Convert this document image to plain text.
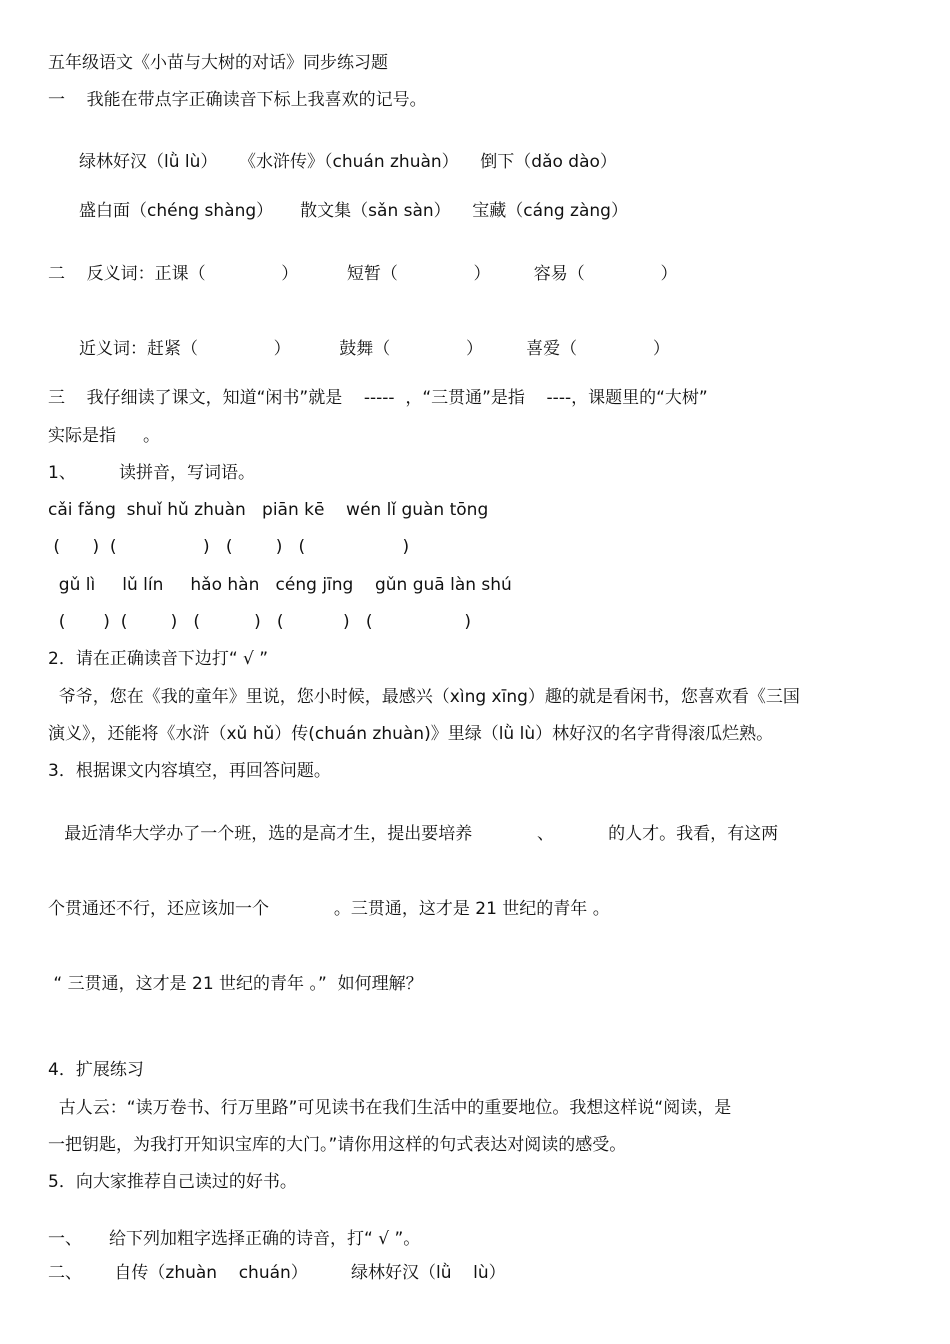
五年级语文《小苗与大树的对话》同步练习题
一    我能在带点字正确读音下标上我喜欢的记号。
绿林好汉（lǜ lù）    《水浒传》（chuán zhuàn）    倒下（dǎo dào）
盛白面（chéng shàng）     散文集（sǎn sàn）    宝藏（cáng zàng）
二    反义词：正课（              ）         短暂（              ）        容易（              ）
近义词：赶紧（              ）         鼓舞（              ）        喜爱（              ）
三    我仔细读了课文，知道“闲书”就是    -----  ，“三贯通”是指    ----，课题里的“大树”
实际是指     。
1、        读拼音，写词语。
cǎi fǎng  shuǐ hǔ zhuàn   piān kē    wén lǐ guàn tōng
(      )  (                )   (        )   (                  )
gǔ lì     lǔ lín     hǎo hàn   céng jīng    gǔn guā làn shú
(       )  (        )   (          )   (           )   (                 )
2．请在正确读音下边打“ √ ”
爷爷，您在《我的童年》里说，您小时候，最感兴（xìng xīng）趣的就是看闲书，您喜欢看《三国
演义》，还能将《水浒（xǔ hǔ）传(chuán zhuàn)》里绿（lǜ lù）林好汉的名字背得滚瓜烂熟。
3．根据课文内容填空，再回答问题。
最近清华大学办了一个班，选的是高才生，提出要培养            、          的人才。我看，有这两
个贯通还不行，还应该加一个            。三贯通，这才是 21 世纪的青年 。
“ 三贯通，这才是 21 世纪的青年 。”  如何理解？
4．扩展练习
古人云：“读万卷书、行万里路”可见读书在我们生活中的重要地位。我想这样说“阅读，是
一把钥匙，为我打开知识宝库的大门。”请你用这样的句式表达对阅读的感受。
5．向大家推荐自己读过的好书。
一、     给下列加粗字选择正确的诗音，打“ √ ”。
二、      自传（zhuàn    chuán）        绿林好汉（lǜ    lù）
